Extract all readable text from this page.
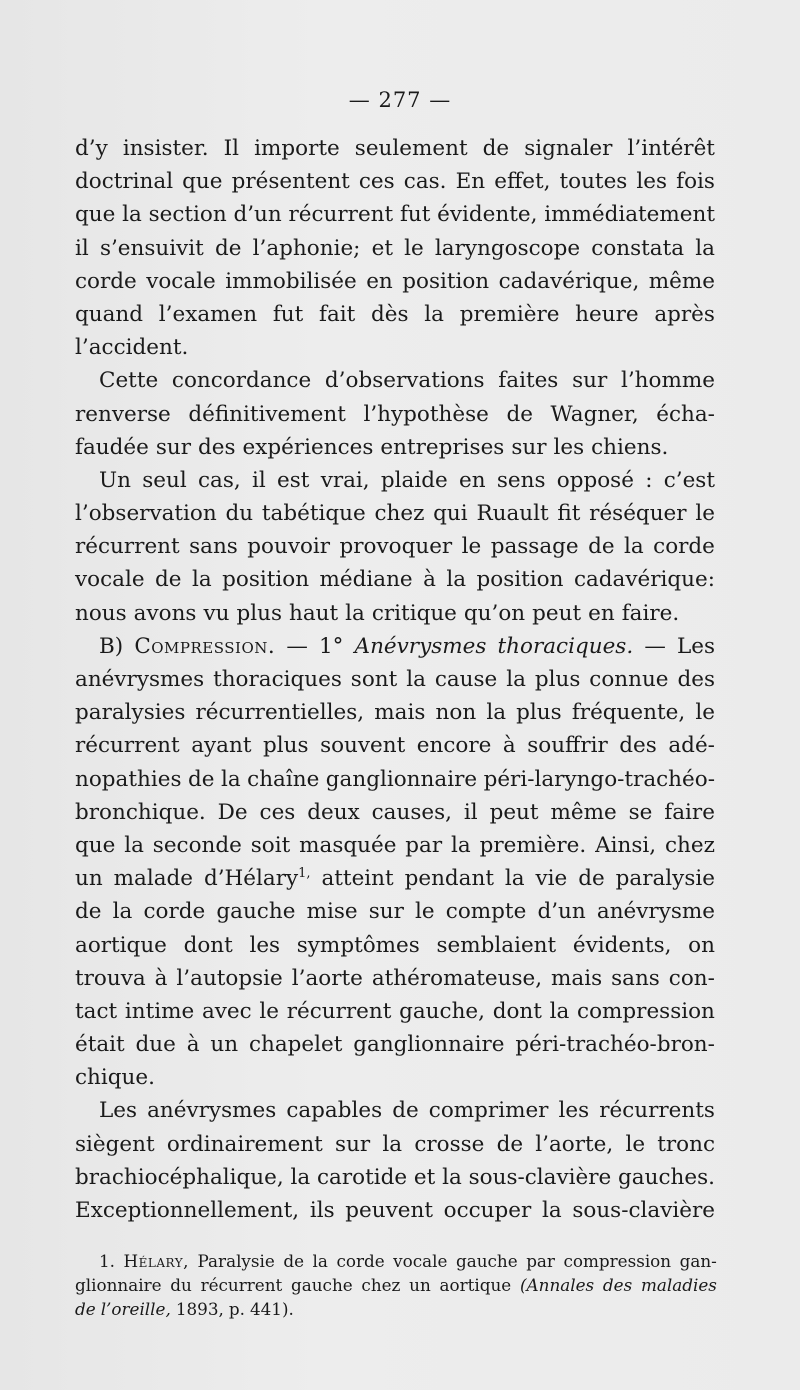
— 277 —
d’y insister. Il importe seulement de signaler l’intérêt
doctrinal que présentent ces cas. En effet, toutes les fois
que la section d’un récurrent fut évidente, immédiatement
il s’ensuivit de l’aphonie; et le laryngoscope constata la
corde vocale immobilisée en position cadavérique, même
quand l’examen fut fait dès la première heure après
l’accident.
Cette concordance d’observations faites sur l’homme
renverse définitivement l’hypothèse de Wagner, écha-
faudée sur des expériences entreprises sur les chiens.
Un seul cas, il est vrai, plaide en sens opposé : c’est
l’observation du tabétique chez qui Ruault fit réséquer le
récurrent sans pouvoir provoquer le passage de la corde
vocale de la position médiane à la position cadavérique:
nous avons vu plus haut la critique qu’on peut en faire.
B) Compression. — 1° Anévrysmes thoraciques. — Les
anévrysmes thoraciques sont la cause la plus connue des
paralysies récurrentielles, mais non la plus fréquente, le
récurrent ayant plus souvent encore à souffrir des adé-
nopathies de la chaîne ganglionnaire péri-laryngo-trachéo-
bronchique. De ces deux causes, il peut même se faire
que la seconde soit masquée par la première. Ainsi, chez
un malade d’Hélary$^{1,}$ atteint pendant la vie de paralysie
de la corde gauche mise sur le compte d’un anévrysme
aortique dont les symptômes semblaient évidents, on
trouva à l’autopsie l’aorte athéromateuse, mais sans con-
tact intime avec le récurrent gauche, dont la compression
était due à un chapelet ganglionnaire péri-trachéo-bron-
chique.
Les anévrysmes capables de comprimer les récurrents
siègent ordinairement sur la crosse de l’aorte, le tronc
brachiocéphalique, la carotide et la sous-clavière gauches.
Exceptionnellement, ils peuvent occuper la sous-clavière
1. Hélary, Paralysie de la corde vocale gauche par compression gan-
glionnaire du récurrent gauche chez un aortique (Annales des maladies
de l’oreille, 1893, p. 441).
